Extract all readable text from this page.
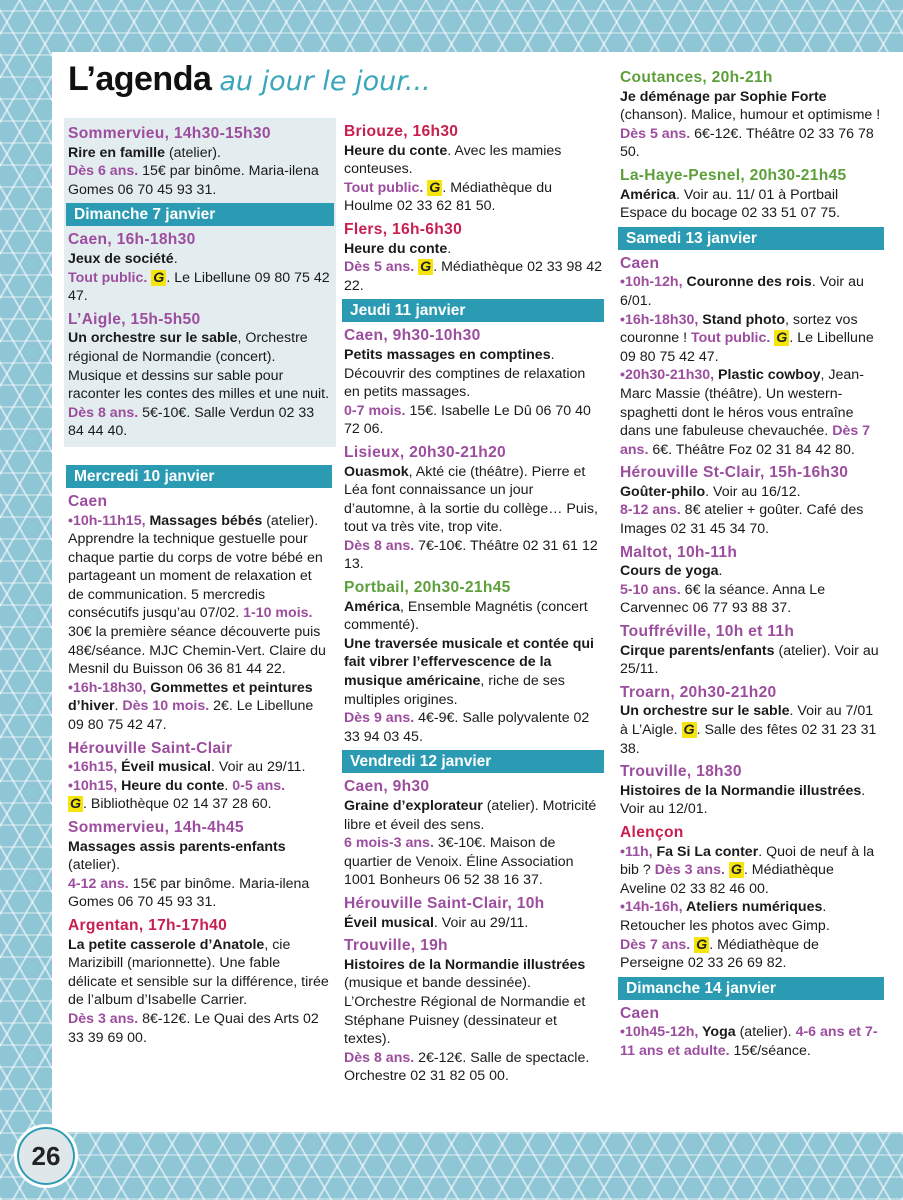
L’agenda au jour le jour...
Sommervieu, 14h30-15h30
Rire en famille (atelier).
Dès 6 ans. 15€ par binôme. Maria-ilena Gomes 06 70 45 93 31.
Dimanche 7 janvier
Caen, 16h-18h30
Jeux de société.
Tout public. G . Le Libellune 09 80 75 42 47.
L’Aigle, 15h-5h50
Un orchestre sur le sable, Orchestre régional de Normandie (concert). Musique et dessins sur sable pour raconter les contes des milles et une nuit. Dès 8 ans. 5€-10€. Salle Verdun 02 33 84 44 40.
Mercredi 10 janvier
Caen
•10h-11h15, Massages bébés (atelier). Apprendre la technique gestuelle pour chaque partie du corps de votre bébé en partageant un moment de relaxation et de communication. 5 mercredis consécutifs jusqu’au 07/02. 1-10 mois. 30€ la première séance découverte puis 48€/séance. MJC Chemin-Vert. Claire du Mesnil du Buisson 06 36 81 44 22.
•16h-18h30, Gommettes et peintures d’hiver. Dès 10 mois. 2€. Le Libellune 09 80 75 42 47.
Hérouville Saint-Clair
•16h15, Éveil musical. Voir au 29/11.
•10h15, Heure du conte. 0-5 ans.
G . Bibliothèque 02 14 37 28 60.
Sommervieu, 14h-4h45
Massages assis parents-enfants (atelier).
4-12 ans. 15€ par binôme. Maria-ilena Gomes 06 70 45 93 31.
Argentan, 17h-17h40
La petite casserole d’Anatole, cie Marizibill (marionnette). Une fable délicate et sensible sur la différence, tirée de l’album d’Isabelle Carrier.
Dès 3 ans. 8€-12€. Le Quai des Arts 02 33 39 69 00.
Briouze, 16h30
Heure du conte. Avec les mamies conteuses.
Tout public. G . Médiathèque du Houlme 02 33 62 81 50.
Flers, 16h-6h30
Heure du conte.
Dès 5 ans. G . Médiathèque 02 33 98 42 22.
Jeudi 11 janvier
Caen, 9h30-10h30
Petits massages en comptines. Découvrir des comptines de relaxation en petits massages.
0-7 mois. 15€. Isabelle Le Dû 06 70 40 72 06.
Lisieux, 20h30-21h20
Ouasmok, Akté cie (théâtre). Pierre et Léa font connaissance un jour d’automne, à la sortie du collège… Puis, tout va très vite, trop vite.
Dès 8 ans. 7€-10€. Théâtre 02 31 61 12 13.
Portbail, 20h30-21h45
América, Ensemble Magnétis (concert commenté).
Une traversée musicale et contée qui fait vibrer l’effervescence de la musique américaine, riche de ses multiples origines.
Dès 9 ans. 4€-9€. Salle polyvalente 02 33 94 03 45.
Vendredi 12 janvier
Caen, 9h30
Graine d’explorateur (atelier). Motricité libre et éveil des sens.
6 mois-3 ans. 3€-10€. Maison de quartier de Venoix. Éline Association 1001 Bonheurs 06 52 38 16 37.
Hérouville Saint-Clair, 10h
Éveil musical. Voir au 29/11.
Trouville, 19h
Histoires de la Normandie illustrées (musique et bande dessinée). L’Orchestre Régional de Normandie et Stéphane Puisney (dessinateur et textes).
Dès 8 ans. 2€-12€. Salle de spectacle. Orchestre 02 31 82 05 00.
Coutances, 20h-21h
Je déménage par Sophie Forte (chanson). Malice, humour et optimisme !
Dès 5 ans. 6€-12€. Théâtre 02 33 76 78 50.
La-Haye-Pesnel, 20h30-21h45
América. Voir au. 11/ 01 à Portbail Espace du bocage 02 33 51 07 75.
Samedi 13 janvier
Caen
•10h-12h, Couronne des rois. Voir au 6/01.
•16h-18h30, Stand photo, sortez vos couronne ! Tout public. G . Le Libellune 09 80 75 42 47.
•20h30-21h30, Plastic cowboy, Jean-Marc Massie (théâtre). Un western-spaghetti dont le héros vous entraîne dans une fabuleuse chevauchée. Dès 7 ans. 6€. Théâtre Foz 02 31 84 42 80.
Hérouville St-Clair, 15h-16h30
Goûter-philo. Voir au 16/12.
8-12 ans. 8€ atelier + goûter. Café des Images 02 31 45 34 70.
Maltot, 10h-11h
Cours de yoga.
5-10 ans. 6€ la séance. Anna Le Carvennec 06 77 93 88 37.
Touffréville, 10h et 11h
Cirque parents/enfants (atelier). Voir au 25/11.
Troarn, 20h30-21h20
Un orchestre sur le sable. Voir au 7/01 à L’Aigle. G . Salle des fêtes 02 31 23 31 38.
Trouville, 18h30
Histoires de la Normandie illustrées. Voir au 12/01.
Alençon
•11h, Fa Si La conter. Quoi de neuf à la bib ? Dès 3 ans. G . Médiathèque Aveline 02 33 82 46 00.
•14h-16h, Ateliers numériques. Retoucher les photos avec Gimp.
Dès 7 ans. G . Médiathèque de Perseigne 02 33 26 69 82.
Dimanche 14 janvier
Caen
•10h45-12h, Yoga (atelier). 4-6 ans et 7-11 ans et adulte. 15€/séance.
26
